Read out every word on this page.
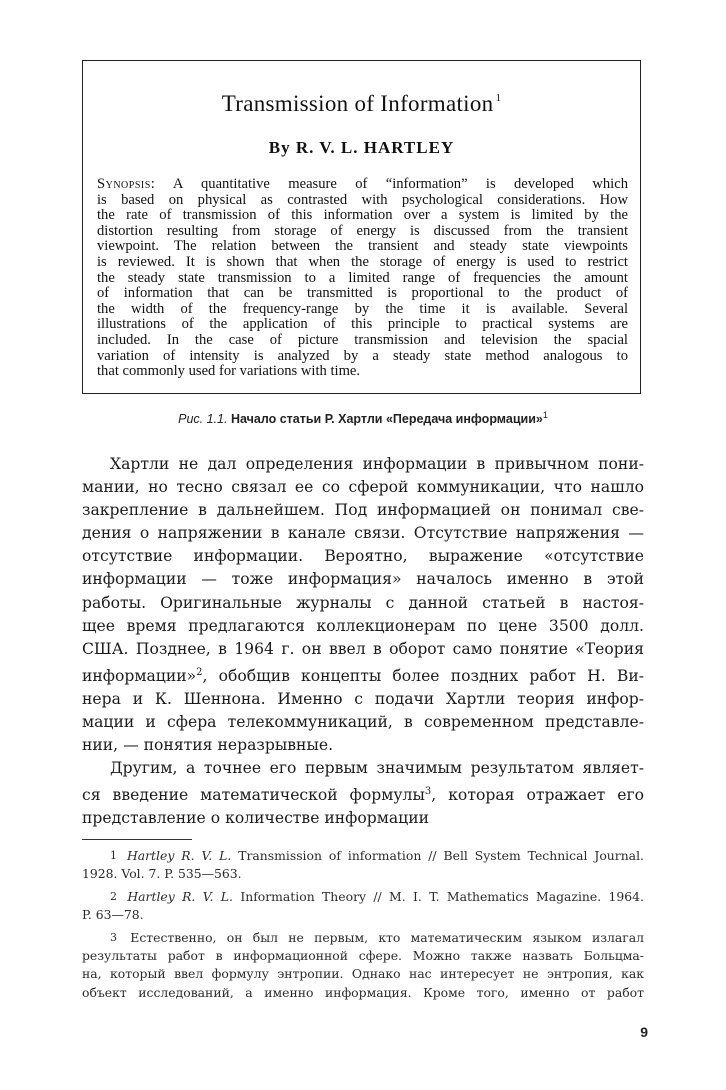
Transmission of Information $^1$
By R. V. L. HARTLEY
Synopsis: A quantitative measure of “information” is developed which
is based on physical as contrasted with psychological considerations. How
the rate of transmission of this information over a system is limited by the
distortion resulting from storage of energy is discussed from the transient
viewpoint. The relation between the transient and steady state viewpoints
is reviewed. It is shown that when the storage of energy is used to restrict
the steady state transmission to a limited range of frequencies the amount
of information that can be transmitted is proportional to the product of
the width of the frequency-range by the time it is available. Several
illustrations of the application of this principle to practical systems are
included. In the case of picture transmission and television the spacial
variation of intensity is analyzed by a steady state method analogous to
that commonly used for variations with time.
Рис. 1.1. Начало статьи Р. Хартли «Передача информации»$^1$
Хартли не дал определения информации в привычном пони-
мании, но тесно связал ее со сферой коммуникации, что нашло
закрепление в дальнейшем. Под информацией он понимал све-
дения о напряжении в канале связи. Отсутствие напряжения —
отсутствие информации. Вероятно, выражение «отсутствие
информации — тоже информация» началось именно в этой
работы. Оригинальные журналы с данной статьей в настоя-
щее время предлагаются коллекционерам по цене 3500 долл.
США. Позднее, в 1964 г. он ввел в оборот само понятие «Теория
информации»$^2$, обобщив концепты более поздних работ Н. Ви-
нера и К. Шеннона. Именно с подачи Хартли теория инфор-
мации и сфера телекоммуникаций, в современном представле-
нии, — понятия неразрывные.
Другим, а точнее его первым значимым результатом являет-
ся введение математической формулы$^3$, которая отражает его
представление о количестве информации
1 Hartley R. V. L. Transmission of information // Bell System Technical Journal.
1928. Vol. 7. P. 535—563.
2 Hartley R. V. L. Information Theory // M. I. T. Mathematics Magazine. 1964.
P. 63—78.
3 Естественно, он был не первым, кто математическим языком излагал
результаты работ в информационной сфере. Можно также назвать Больцма-
на, который ввел формулу энтропии. Однако нас интересует не энтропия, как
объект исследований, а именно информация. Кроме того, именно от работ
9
